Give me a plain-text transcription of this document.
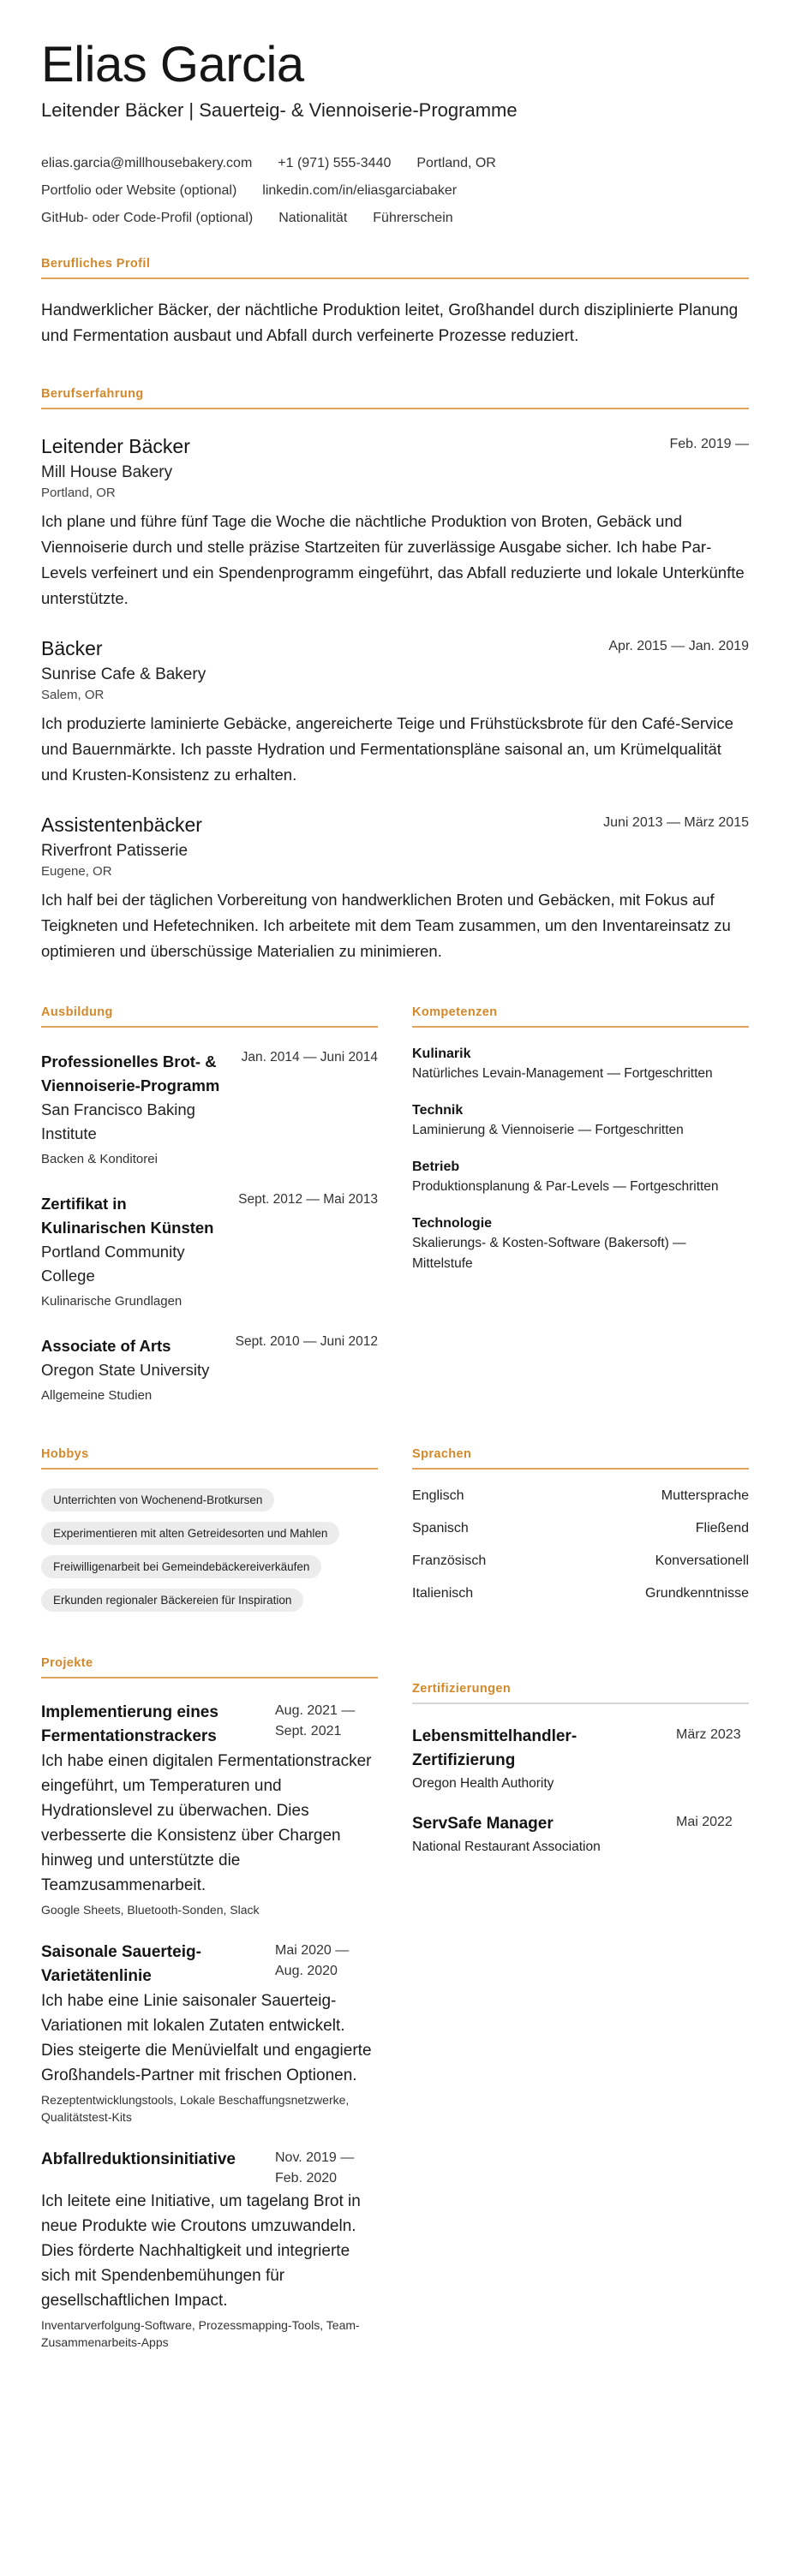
Elias Garcia
Leitender Bäcker | Sauerteig- & Viennoiserie-Programme
elias.garcia@millhousebakery.com +1 (971) 555-3440 Portland, OR
Portfolio oder Website (optional) linkedin.com/in/eliasgarciabaker
GitHub- oder Code-Profil (optional) Nationalität Führerschein
Berufliches Profil
Handwerklicher Bäcker, der nächtliche Produktion leitet, Großhandel durch disziplinierte Planung und Fermentation ausbaut und Abfall durch verfeinerte Prozesse reduziert.
Berufserfahrung
Leitender Bäcker	Feb. 2019 —
Mill House Bakery
Portland, OR
Ich plane und führe fünf Tage die Woche die nächtliche Produktion von Broten, Gebäck und Viennoiserie durch und stelle präzise Startzeiten für zuverlässige Ausgabe sicher. Ich habe Par-Levels verfeinert und ein Spendenprogramm eingeführt, das Abfall reduzierte und lokale Unterkünfte unterstützte.
Bäcker	Apr. 2015 — Jan. 2019
Sunrise Cafe & Bakery
Salem, OR
Ich produzierte laminierte Gebäcke, angereicherte Teige und Frühstücksbrote für den Café-Service und Bauernmärkte. Ich passte Hydration und Fermentationspläne saisonal an, um Krümelqualität und Krusten-Konsistenz zu erhalten.
Assistentenbäcker	Juni 2013 — März 2015
Riverfront Patisserie
Eugene, OR
Ich half bei der täglichen Vorbereitung von handwerklichen Broten und Gebäcken, mit Fokus auf Teigkneten und Hefetechniken. Ich arbeitete mit dem Team zusammen, um den Inventareinsatz zu optimieren und überschüssige Materialien zu minimieren.
Ausbildung
Professionelles Brot- & Viennoiserie-Programm
San Francisco Baking Institute
Backen & Konditorei
Jan. 2014 — Juni 2014
Zertifikat in Kulinarischen Künsten
Portland Community College
Kulinarische Grundlagen
Sept. 2012 — Mai 2013
Associate of Arts
Oregon State University
Allgemeine Studien
Sept. 2010 — Juni 2012
Kompetenzen
Kulinarik
Natürliches Levain-Management — Fortgeschritten
Technik
Laminierung & Viennoiserie — Fortgeschritten
Betrieb
Produktionsplanung & Par-Levels — Fortgeschritten
Technologie
Skalierungs- & Kosten-Software (Bakersoft) — Mittelstufe
Hobbys
Unterrichten von Wochenend-Brotkursen
Experimentieren mit alten Getreidesorten und Mahlen
Freiwilligenarbeit bei Gemeindebäckereiverkäufen
Erkunden regionaler Bäckereien für Inspiration
Sprachen
Englisch	Muttersprache
Spanisch	Fließend
Französisch	Konversationell
Italienisch	Grundkenntnisse
Projekte
Implementierung eines Fermentationstrackers
Aug. 2021 — Sept. 2021
Ich habe einen digitalen Fermentationstracker eingeführt, um Temperaturen und Hydrationslevel zu überwachen. Dies verbesserte die Konsistenz über Chargen hinweg und unterstützte die Teamzusammenarbeit.
Google Sheets, Bluetooth-Sonden, Slack
Saisonale Sauerteig-Varietätenlinie
Mai 2020 — Aug. 2020
Ich habe eine Linie saisonaler Sauerteig-Variationen mit lokalen Zutaten entwickelt. Dies steigerte die Menüvielfalt und engagierte Großhandels-Partner mit frischen Optionen.
Rezeptentwicklungstools, Lokale Beschaffungsnetzwerke, Qualitätstest-Kits
Abfallreduktionsinitiative	Nov. 2019 — Feb. 2020
Ich leitete eine Initiative, um tagelang Brot in neue Produkte wie Croutons umzuwandeln. Dies förderte Nachhaltigkeit und integrierte sich mit Spendenbemühungen für gesellschaftlichen Impact.
Inventarverfolgung-Software, Prozessmapping-Tools, Team-Zusammenarbeits-Apps
Zertifizierungen
Lebensmittelhandler-Zertifizierung
März 2023
Oregon Health Authority
ServSafe Manager	Mai 2022
National Restaurant Association
